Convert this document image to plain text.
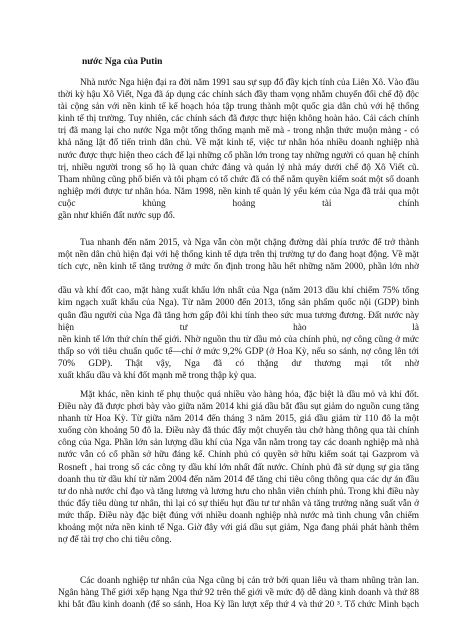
nước Nga của Putin
Nhà nước Nga hiện đại ra đời năm 1991 sau sự sụp đổ đầy kịch tính của Liên Xô. Vào đầu
thời kỳ hậu Xô Viết, Nga đã áp dụng các chính sách đầy tham vọng nhằm chuyển đổi chế độ độc
tài cộng sản với nền kinh tế kế hoạch hóa tập trung thành một quốc gia dân chủ với hệ thống
kinh tế thị trường. Tuy nhiên, các chính sách đã được thực hiện không hoàn hảo. Cải cách chính
trị đã mang lại cho nước Nga một tổng thống mạnh mẽ mà - trong nhận thức muộn màng - có
khả năng lật đổ tiến trình dân chủ. Về mặt kinh tế, việc tư nhân hóa nhiều doanh nghiệp nhà
nước được thực hiện theo cách để lại những cổ phần lớn trong tay những người có quan hệ chính
trị, nhiều người trong số họ là quan chức đảng và quản lý nhà máy dưới chế độ Xô Viết cũ.
Tham nhũng cũng phổ biến và tôi phạm có tổ chức đã có thể nắm quyền kiểm soát một số doanh
nghiệp mới được tư nhân hóa. Năm 1998, nền kinh tế quản lý yếu kém của Nga đã trải qua một
cuộc khủng hoảng tài chính
gần như khiến đất nước sụp đổ.
Tua nhanh đến năm 2015, và Nga vẫn còn một chặng đường dài phía trước để trở thành
một nền dân chủ hiện đại với hệ thống kinh tế dựa trên thị trường tự do đang hoạt động. Về mặt
tích cực, nền kinh tế tăng trưởng ở mức ổn định trong hầu hết những năm 2000, phần lớn nhờ
dầu và khí đốt cao, mặt hàng xuất khẩu lớn nhất của Nga (năm 2013 dầu khí chiếm 75% tổng
kim ngạch xuất khẩu của Nga). Từ năm 2000 đến 2013, tổng sản phẩm quốc nội (GDP) bình
quân đầu người của Nga đã tăng hơn gấp đôi khi tính theo sức mua tương đương. Đất nước này
hiện tư hào là
nền kinh tế lớn thứ chín thế giới. Nhờ nguồn thu từ dầu mỏ của chính phủ, nợ công cũng ở mức
thấp so với tiêu chuẩn quốc tế—chỉ ở mức 9,2% GDP (ở Hoa Kỳ, nếu so sánh, nợ công lên tới
70% GDP). Thật vậy, Nga đã có thặng dư thương mại tốt nhờ
xuất khẩu dầu và khí đốt mạnh mẽ trong thập kỷ qua.
Mặt khác, nền kinh tế phụ thuộc quá nhiều vào hàng hóa, đặc biệt là dầu mỏ và khí đốt.
Điều này đã được phơi bày vào giữa năm 2014 khi giá dầu bắt đầu sụt giảm do nguồn cung tăng
nhanh từ Hoa Kỳ. Từ giữa năm 2014 đến tháng 3 năm 2015, giá dầu giảm từ 110 đô la một
xuống còn khoảng 50 đô la. Điều này đã thúc đẩy một chuyến tàu chở hàng thông qua tài chính
công của Nga. Phần lớn sản lượng dầu khí của Nga vẫn nằm trong tay các doanh nghiệp mà nhà
nước vẫn có cổ phần sở hữu đáng kể. Chính phủ có quyền sở hữu kiểm soát tại Gazprom và
Rosneft , hai trong số các công ty dầu khí lớn nhất đất nước. Chính phủ đã sử dụng sự gia tăng
doanh thu từ dầu khí từ năm 2004 đến năm 2014 để tăng chi tiêu công thông qua các dự án đầu
tư do nhà nước chỉ đạo và tăng lương và lương hưu cho nhân viên chính phủ. Trong khi điều này
thúc đẩy tiêu dùng tư nhân, thì lại có sự thiếu hụt đầu tư tư nhân và tăng trưởng năng suất vẫn ở
mức thấp. Điều này đặc biệt đúng với nhiều doanh nghiệp nhà nước mà tình chung vẫn chiếm
khoảng một nửa nền kinh tế Nga. Giờ đây với giá dầu sụt giảm, Nga đang phải phát hành thêm
nợ để tài trợ cho chi tiêu công.
Các doanh nghiệp tư nhân của Nga cũng bị cản trở bởi quan liêu và tham nhũng tràn lan.
Ngân hàng Thế giới xếp hạng Nga thứ 92 trên thế giới về mức độ dễ dàng kinh doanh và thứ 88
khi bắt đầu kinh doanh (để so sánh, Hoa Kỳ lần lượt xếp thứ 4 và thứ 20 ³. Tổ chức Minh bạch
